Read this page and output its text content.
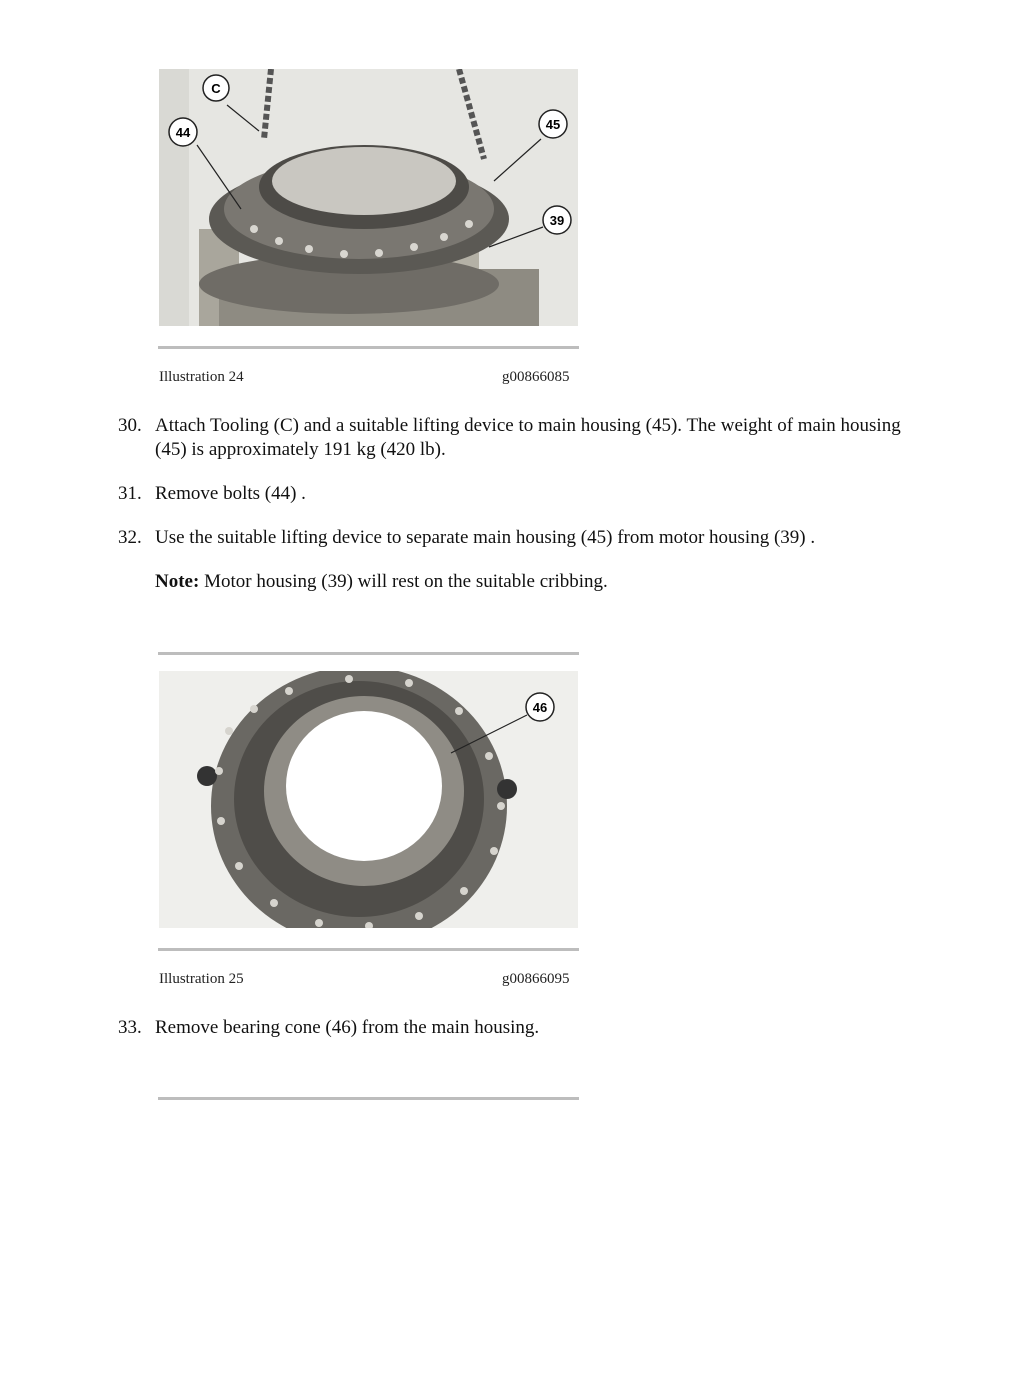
C
44
45
39
Illustration 24	g00866085
30. Attach Tooling (C) and a suitable lifting device to main housing (45). The weight of main housing (45) is approximately 191 kg (420 lb).
31. Remove bolts (44) .
32. Use the suitable lifting device to separate main housing (45) from motor housing (39) .
Note: Motor housing (39) will rest on the suitable cribbing.
46
Illustration 25	g00866095
33. Remove bearing cone (46) from the main housing.
